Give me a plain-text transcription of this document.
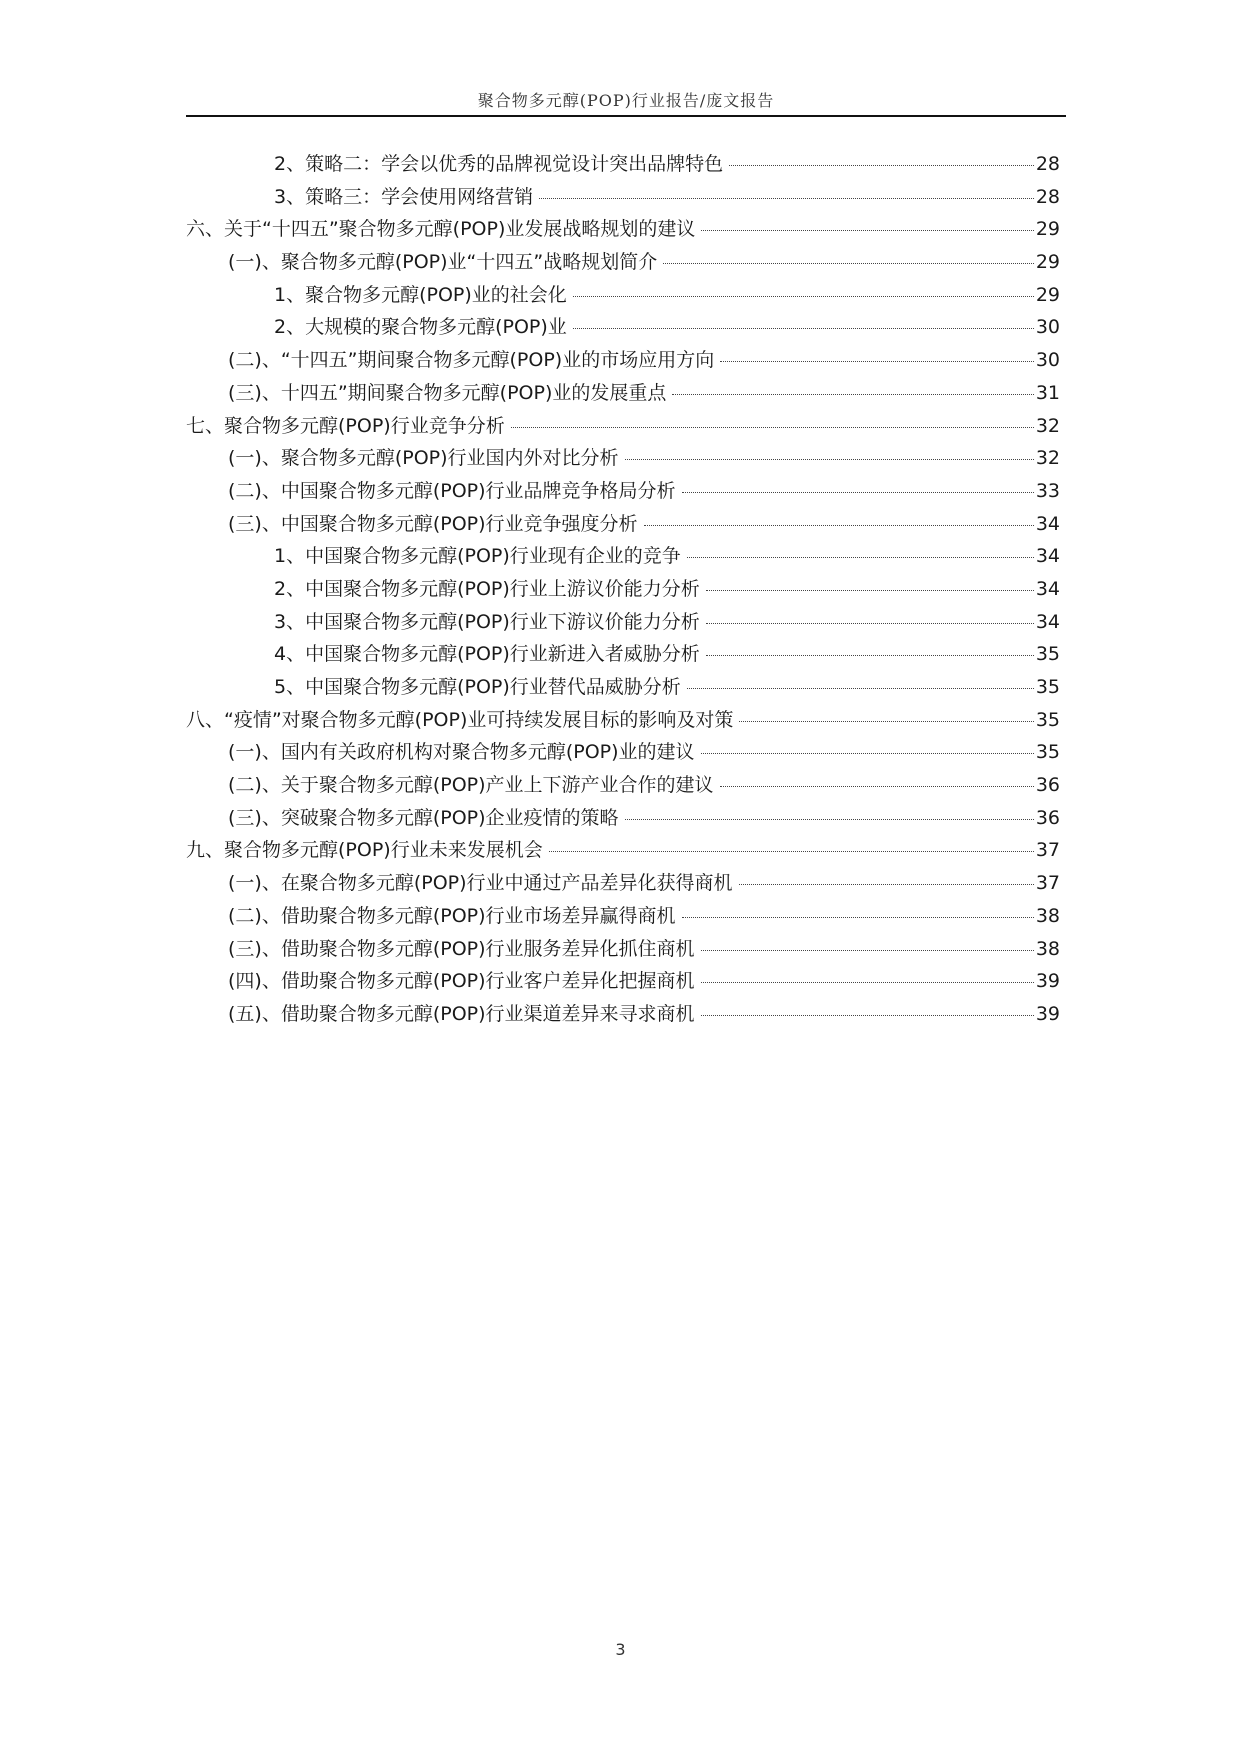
聚合物多元醇(POP)行业报告/庞文报告
2、策略二：学会以优秀的品牌视觉设计突出品牌特色	28
3、策略三：学会使用网络营销	28
六、关于“十四五”聚合物多元醇(POP)业发展战略规划的建议	29
(一)、聚合物多元醇(POP)业“十四五”战略规划简介	29
1、聚合物多元醇(POP)业的社会化	29
2、大规模的聚合物多元醇(POP)业	30
(二)、“十四五”期间聚合物多元醇(POP)业的市场应用方向	30
(三)、十四五”期间聚合物多元醇(POP)业的发展重点	31
七、聚合物多元醇(POP)行业竞争分析	32
(一)、聚合物多元醇(POP)行业国内外对比分析	32
(二)、中国聚合物多元醇(POP)行业品牌竞争格局分析	33
(三)、中国聚合物多元醇(POP)行业竞争强度分析	34
1、中国聚合物多元醇(POP)行业现有企业的竞争	34
2、中国聚合物多元醇(POP)行业上游议价能力分析	34
3、中国聚合物多元醇(POP)行业下游议价能力分析	34
4、中国聚合物多元醇(POP)行业新进入者威胁分析	35
5、中国聚合物多元醇(POP)行业替代品威胁分析	35
八、“疫情”对聚合物多元醇(POP)业可持续发展目标的影响及对策	35
(一)、国内有关政府机构对聚合物多元醇(POP)业的建议	35
(二)、关于聚合物多元醇(POP)产业上下游产业合作的建议	36
(三)、突破聚合物多元醇(POP)企业疫情的策略	36
九、聚合物多元醇(POP)行业未来发展机会	37
(一)、在聚合物多元醇(POP)行业中通过产品差异化获得商机	37
(二)、借助聚合物多元醇(POP)行业市场差异赢得商机	38
(三)、借助聚合物多元醇(POP)行业服务差异化抓住商机	38
(四)、借助聚合物多元醇(POP)行业客户差异化把握商机	39
(五)、借助聚合物多元醇(POP)行业渠道差异来寻求商机	39
3
